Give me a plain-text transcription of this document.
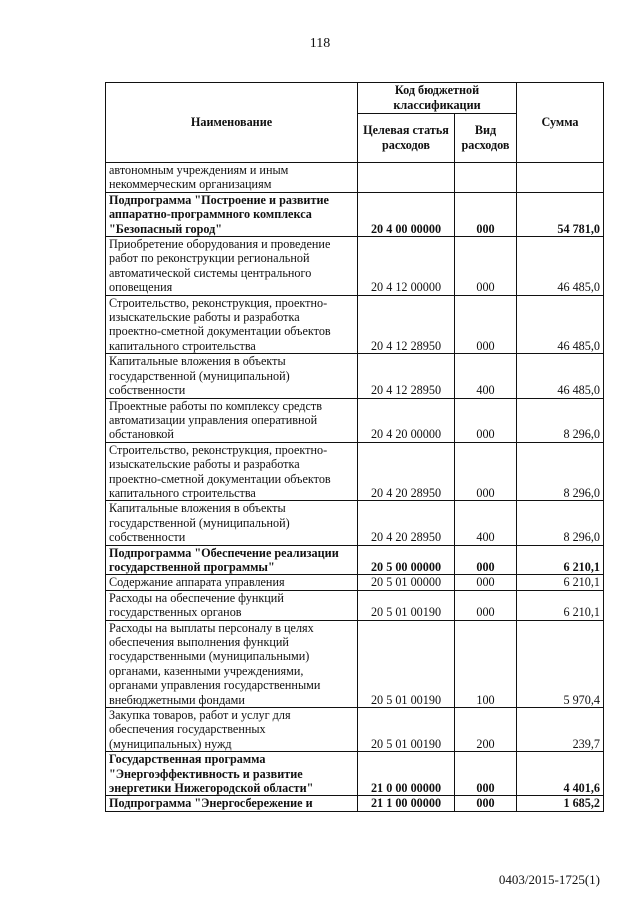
118
Наименование	Код бюджетной классификации		Сумма
	Целевая статья расходов	Вид расходов	
автономным учреждениям и иным некоммерческим организациям			
Подпрограмма "Построение и развитие аппаратно-программного комплекса "Безопасный город"	20 4 00 00000	000	54 781,0
Приобретение оборудования и проведение работ по реконструкции региональной автоматической системы центрального оповещения	20 4 12 00000	000	46 485,0
Строительство, реконструкция, проектно-изыскательские работы и разработка проектно-сметной документации объектов капитального строительства	20 4 12 28950	000	46 485,0
Капитальные вложения в объекты государственной (муниципальной) собственности	20 4 12 28950	400	46 485,0
Проектные работы по комплексу средств автоматизации управления оперативной обстановкой	20 4 20 00000	000	8 296,0
Строительство, реконструкция, проектно-изыскательские работы и разработка проектно-сметной документации объектов капитального строительства	20 4 20 28950	000	8 296,0
Капитальные вложения в объекты государственной (муниципальной) собственности	20 4 20 28950	400	8 296,0
Подпрограмма "Обеспечение реализации государственной программы"	20 5 00 00000	000	6 210,1
Содержание аппарата управления	20 5 01 00000	000	6 210,1
Расходы на обеспечение функций государственных органов	20 5 01 00190	000	6 210,1
Расходы на выплаты персоналу в целях обеспечения выполнения функций государственными (муниципальными) органами, казенными учреждениями, органами управления государственными внебюджетными фондами	20 5 01 00190	100	5 970,4
Закупка товаров, работ и услуг для обеспечения государственных (муниципальных) нужд	20 5 01 00190	200	239,7
Государственная программа "Энергоэффективность и развитие энергетики Нижегородской области"	21 0 00 00000	000	4 401,6
Подпрограмма "Энергосбережение и	21 1 00 00000	000	1 685,2
0403/2015-1725(1)
